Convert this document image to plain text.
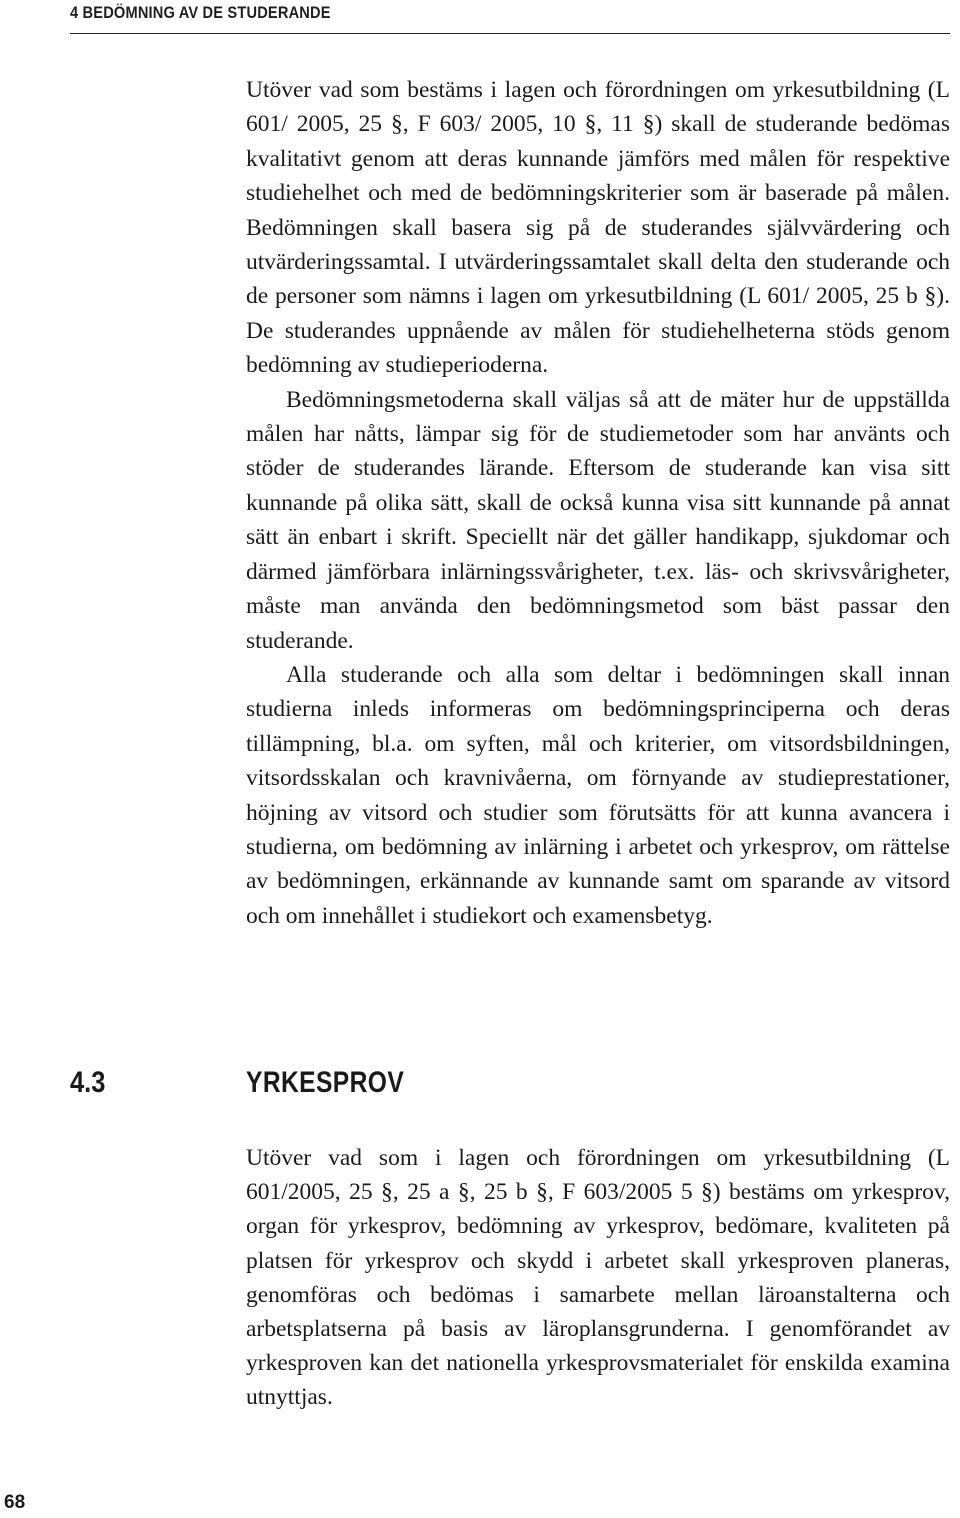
4 BEDÖMNING AV DE STUDERANDE

Utöver vad som bestäms i lagen och förordningen om yrkesutbildning (L 601/ 2005, 25 §, F 603/ 2005, 10 §, 11 §) skall de studerande bedömas kvalitativt genom att deras kunnande jämförs med målen för respektive studiehelhet och med de bedömningskriterier som är baserade på målen. Bedömningen skall basera sig på de studerandes självvärdering och utvärderingssamtal. I utvärderingssamtalet skall delta den studerande och de personer som nämns i lagen om yrkesutbildning (L 601/ 2005, 25 b §). De studerandes uppnående av målen för studiehelheterna stöds genom bedömning av studieperioderna.

Bedömningsmetoderna skall väljas så att de mäter hur de uppställda målen har nåtts, lämpar sig för de studiemetoder som har använts och stöder de studerandes lärande. Eftersom de studerande kan visa sitt kunnande på olika sätt, skall de också kunna visa sitt kunnande på annat sätt än enbart i skrift. Speciellt när det gäller handikapp, sjukdomar och därmed jämförbara inlärningssvårigheter, t.ex. läs- och skrivsvårigheter, måste man använda den bedömningsmetod som bäst passar den studerande.

Alla studerande och alla som deltar i bedömningen skall innan studierna inleds informeras om bedömningsprinciperna och deras tillämpning, bl.a. om syften, mål och kriterier, om vitsordsbildningen, vitsordsskalan och kravnivåerna, om förnyande av studieprestationer, höjning av vitsord och studier som förutsätts för att kunna avancera i studierna, om bedömning av inlärning i arbetet och yrkesprov, om rättelse av bedömningen, erkännande av kunnande samt om sparande av vitsord och om innehållet i studiekort och examensbetyg.

4.3	YRKESPROV

Utöver vad som i lagen och förordningen om yrkesutbildning (L 601/2005, 25 §, 25 a §, 25 b §, F 603/2005 5 §) bestäms om yrkesprov, organ för yrkesprov, bedömning av yrkesprov, bedömare, kvaliteten på platsen för yrkesprov och skydd i arbetet skall yrkesproven planeras, genomföras och bedömas i samarbete mellan läroanstalterna och arbetsplatserna på basis av läroplansgrunderna. I genomförandet av yrkesproven kan det nationella yrkesprovsmaterialet för enskilda examina utnyttjas.

68
